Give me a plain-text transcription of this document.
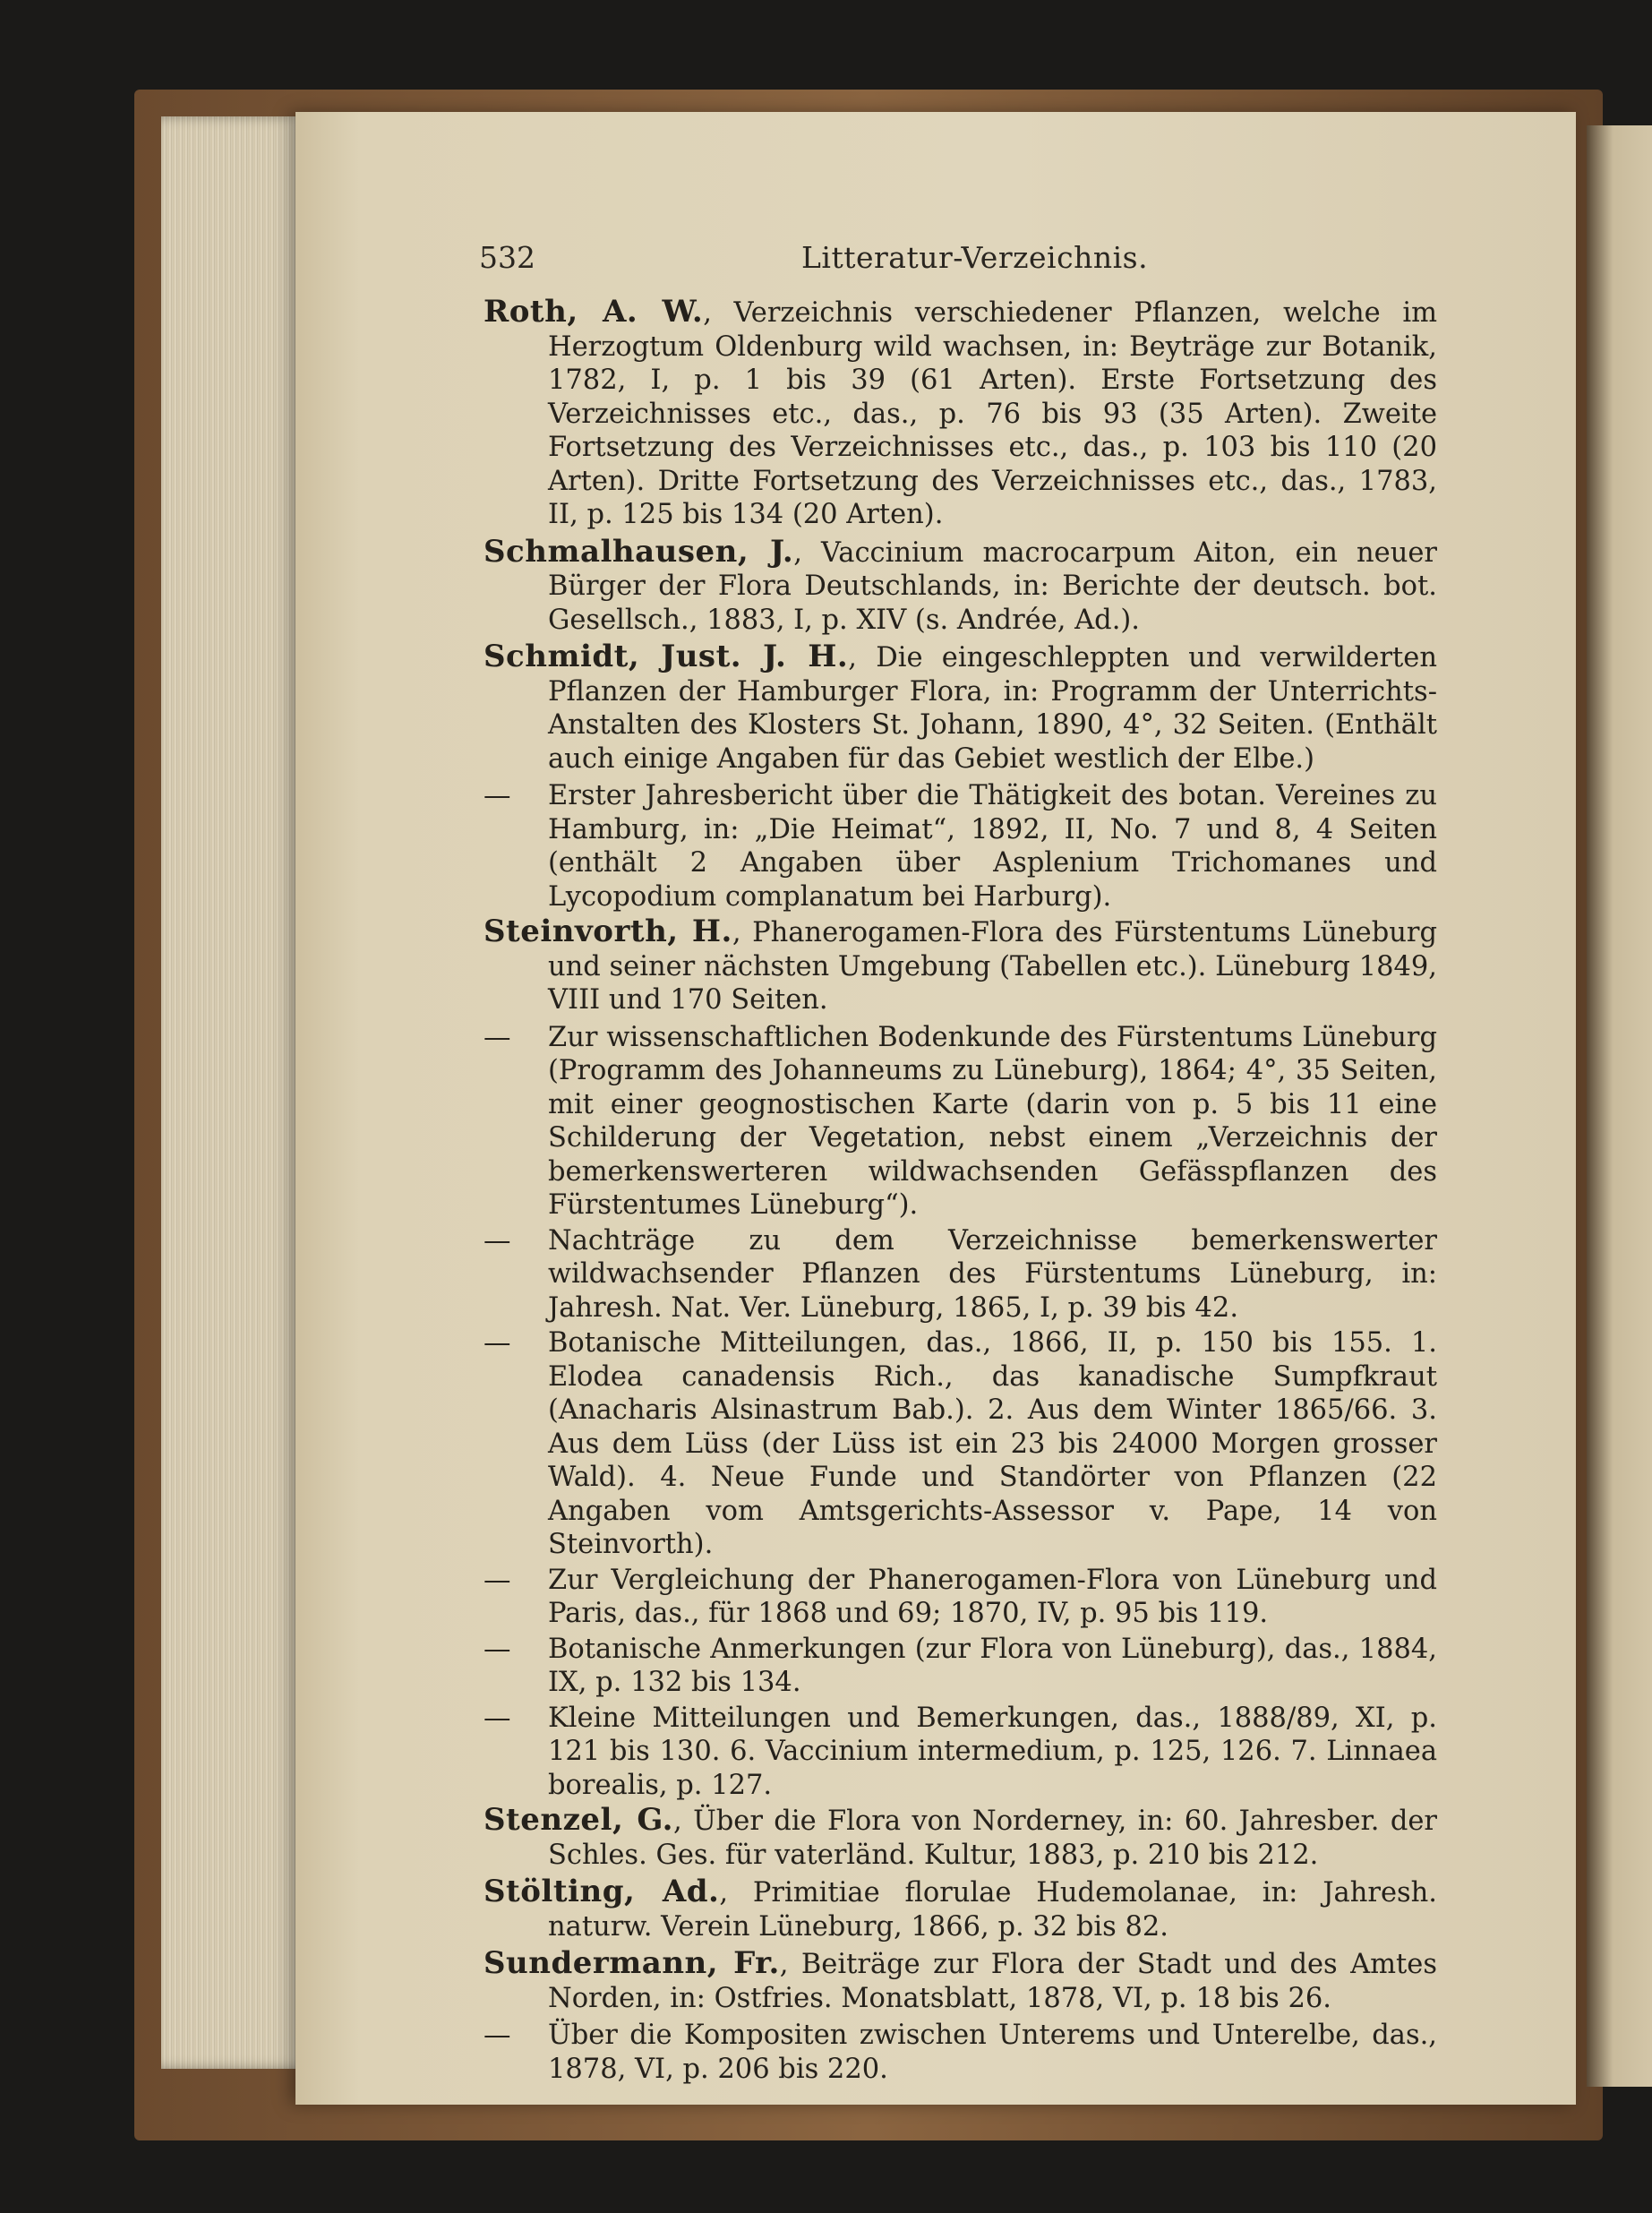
532	Litteratur-Verzeichnis.
Roth, A. W., Verzeichnis verschiedener Pflanzen, welche im Herzogtum Oldenburg wild wachsen, in: Beyträge zur Botanik, 1782, I, p. 1 bis 39 (61 Arten). Erste Fortsetzung des Verzeichnisses etc., das., p. 76 bis 93 (35 Arten). Zweite Fortsetzung des Verzeichnisses etc., das., p. 103 bis 110 (20 Arten). Dritte Fortsetzung des Verzeichnisses etc., das., 1783, II, p. 125 bis 134 (20 Arten).
Schmalhausen, J., Vaccinium macrocarpum Aiton, ein neuer Bürger der Flora Deutschlands, in: Berichte der deutsch. bot. Gesellsch., 1883, I, p. XIV (s. Andrée, Ad.).
Schmidt, Just. J. H., Die eingeschleppten und verwilderten Pflanzen der Hamburger Flora, in: Programm der Unterrichts-Anstalten des Klosters St. Johann, 1890, 4°, 32 Seiten. (Enthält auch einige Angaben für das Gebiet westlich der Elbe.)
— Erster Jahresbericht über die Thätigkeit des botan. Vereines zu Hamburg, in: „Die Heimat“, 1892, II, No. 7 und 8, 4 Seiten (enthält 2 Angaben über Asplenium Trichomanes und Lycopodium complanatum bei Harburg).
Steinvorth, H., Phanerogamen-Flora des Fürstentums Lüneburg und seiner nächsten Umgebung (Tabellen etc.). Lüneburg 1849, VIII und 170 Seiten.
— Zur wissenschaftlichen Bodenkunde des Fürstentums Lüneburg (Programm des Johanneums zu Lüneburg), 1864; 4°, 35 Seiten, mit einer geognostischen Karte (darin von p. 5 bis 11 eine Schilderung der Vegetation, nebst einem „Verzeichnis der bemerkenswerteren wildwachsenden Gefässpflanzen des Fürstentumes Lüneburg“).
— Nachträge zu dem Verzeichnisse bemerkenswerter wildwachsender Pflanzen des Fürstentums Lüneburg, in: Jahresh. Nat. Ver. Lüneburg, 1865, I, p. 39 bis 42.
— Botanische Mitteilungen, das., 1866, II, p. 150 bis 155. 1. Elodea canadensis Rich., das kanadische Sumpfkraut (Anacharis Alsinastrum Bab.). 2. Aus dem Winter 1865/66. 3. Aus dem Lüss (der Lüss ist ein 23 bis 24000 Morgen grosser Wald). 4. Neue Funde und Standörter von Pflanzen (22 Angaben vom Amtsgerichts-Assessor v. Pape, 14 von Steinvorth).
— Zur Vergleichung der Phanerogamen-Flora von Lüneburg und Paris, das., für 1868 und 69; 1870, IV, p. 95 bis 119.
— Botanische Anmerkungen (zur Flora von Lüneburg), das., 1884, IX, p. 132 bis 134.
— Kleine Mitteilungen und Bemerkungen, das., 1888/89, XI, p. 121 bis 130. 6. Vaccinium intermedium, p. 125, 126. 7. Linnaea borealis, p. 127.
Stenzel, G., Über die Flora von Norderney, in: 60. Jahresber. der Schles. Ges. für vaterländ. Kultur, 1883, p. 210 bis 212.
Stölting, Ad., Primitiae florulae Hudemolanae, in: Jahresh. naturw. Verein Lüneburg, 1866, p. 32 bis 82.
Sundermann, Fr., Beiträge zur Flora der Stadt und des Amtes Norden, in: Ostfries. Monatsblatt, 1878, VI, p. 18 bis 26.
— Über die Kompositen zwischen Unterems und Unterelbe, das., 1878, VI, p. 206 bis 220.
